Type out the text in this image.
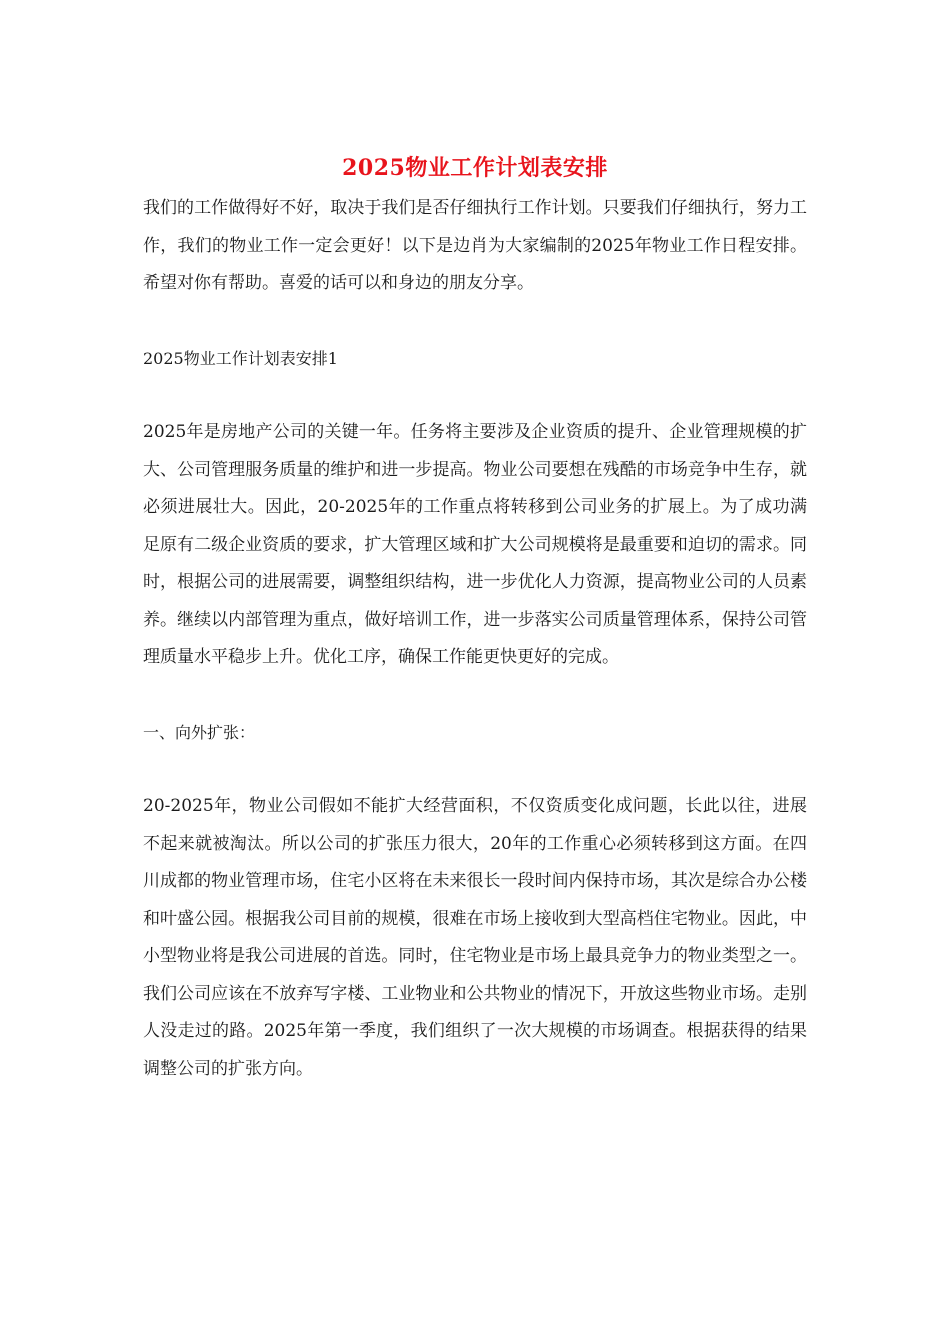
2025物业工作计划表安排

我们的工作做得好不好，取决于我们是否仔细执行工作计划。只要我们仔细执行，努力工作，我们的物业工作一定会更好！以下是边肖为大家编制的2025年物业工作日程安排。希望对你有帮助。喜爱的话可以和身边的朋友分享。

2025物业工作计划表安排1

2025年是房地产公司的关键一年。任务将主要涉及企业资质的提升、企业管理规模的扩大、公司管理服务质量的维护和进一步提高。物业公司要想在残酷的市场竞争中生存，就必须进展壮大。因此，20-2025年的工作重点将转移到公司业务的扩展上。为了成功满足原有二级企业资质的要求，扩大管理区域和扩大公司规模将是最重要和迫切的需求。同时，根据公司的进展需要，调整组织结构，进一步优化人力资源，提高物业公司的人员素养。继续以内部管理为重点，做好培训工作，进一步落实公司质量管理体系，保持公司管理质量水平稳步上升。优化工序，确保工作能更快更好的完成。

一、向外扩张：

20-2025年，物业公司假如不能扩大经营面积，不仅资质变化成问题，长此以往，进展不起来就被淘汰。所以公司的扩张压力很大，20年的工作重心必须转移到这方面。在四川成都的物业管理市场，住宅小区将在未来很长一段时间内保持市场，其次是综合办公楼和叶盛公园。根据我公司目前的规模，很难在市场上接收到大型高档住宅物业。因此，中小型物业将是我公司进展的首选。同时，住宅物业是市场上最具竞争力的物业类型之一。我们公司应该在不放弃写字楼、工业物业和公共物业的情况下，开放这些物业市场。走别人没走过的路。2025年第一季度，我们组织了一次大规模的市场调查。根据获得的结果调整公司的扩张方向。
